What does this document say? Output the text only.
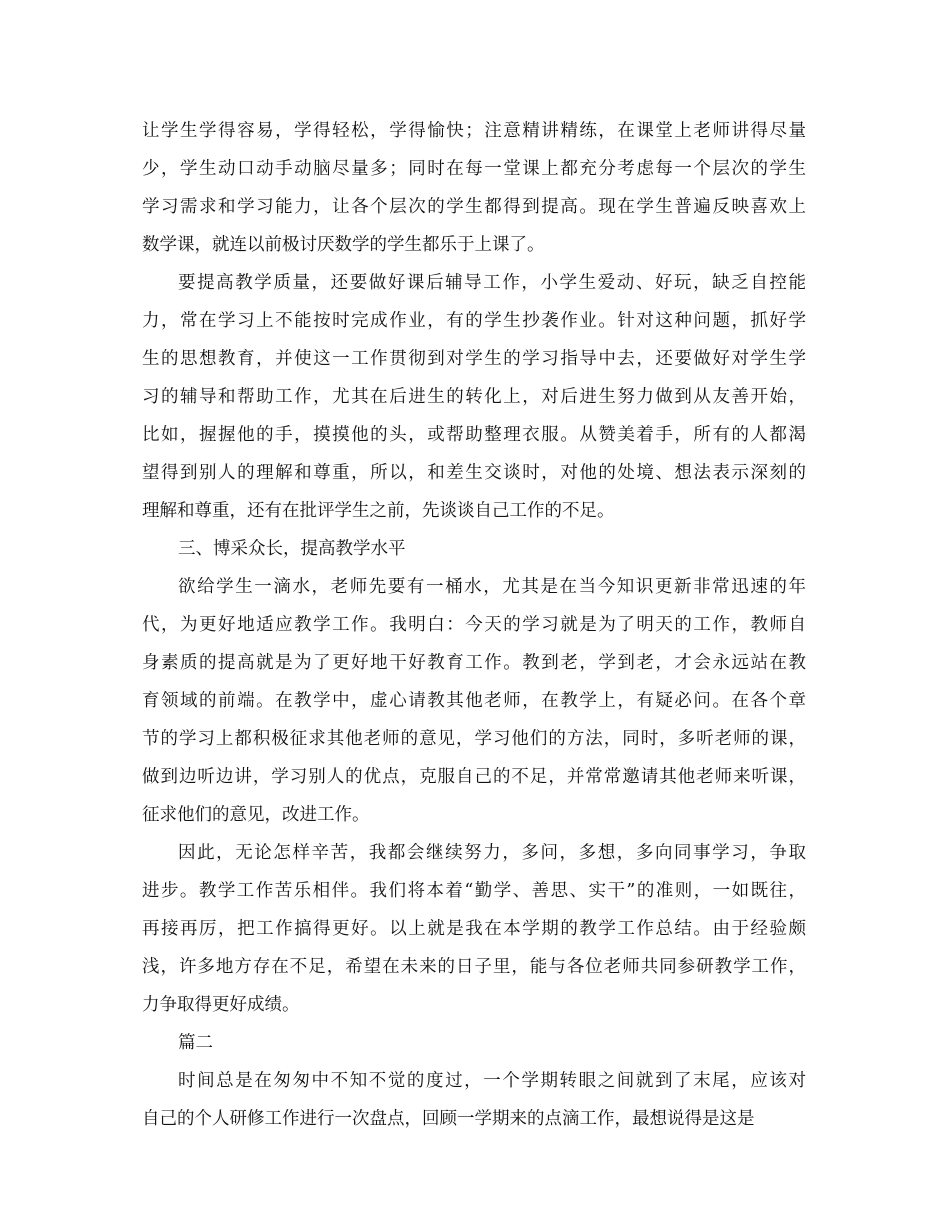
让学生学得容易，学得轻松，学得愉快；注意精讲精练，在课堂上老师讲得尽量
少，学生动口动手动脑尽量多；同时在每一堂课上都充分考虑每一个层次的学生
学习需求和学习能力，让各个层次的学生都得到提高。现在学生普遍反映喜欢上
数学课，就连以前极讨厌数学的学生都乐于上课了。
要提高教学质量，还要做好课后辅导工作，小学生爱动、好玩，缺乏自控能
力，常在学习上不能按时完成作业，有的学生抄袭作业。针对这种问题，抓好学
生的思想教育，并使这一工作贯彻到对学生的学习指导中去，还要做好对学生学
习的辅导和帮助工作，尤其在后进生的转化上，对后进生努力做到从友善开始，
比如，握握他的手，摸摸他的头，或帮助整理衣服。从赞美着手，所有的人都渴
望得到别人的理解和尊重，所以，和差生交谈时，对他的处境、想法表示深刻的
理解和尊重，还有在批评学生之前，先谈谈自己工作的不足。
三、博采众长，提高教学水平
欲给学生一滴水，老师先要有一桶水，尤其是在当今知识更新非常迅速的年
代，为更好地适应教学工作。我明白：今天的学习就是为了明天的工作，教师自
身素质的提高就是为了更好地干好教育工作。教到老，学到老，才会永远站在教
育领域的前端。在教学中，虚心请教其他老师，在教学上，有疑必问。在各个章
节的学习上都积极征求其他老师的意见，学习他们的方法，同时，多听老师的课，
做到边听边讲，学习别人的优点，克服自己的不足，并常常邀请其他老师来听课，
征求他们的意见，改进工作。
因此，无论怎样辛苦，我都会继续努力，多问，多想，多向同事学习，争取
进步。教学工作苦乐相伴。我们将本着“勤学、善思、实干”的准则，一如既往，
再接再厉，把工作搞得更好。以上就是我在本学期的教学工作总结。由于经验颇
浅，许多地方存在不足，希望在未来的日子里，能与各位老师共同参研教学工作，
力争取得更好成绩。
篇二
时间总是在匆匆中不知不觉的度过，一个学期转眼之间就到了末尾，应该对
自己的个人研修工作进行一次盘点，回顾一学期来的点滴工作，最想说得是这是
